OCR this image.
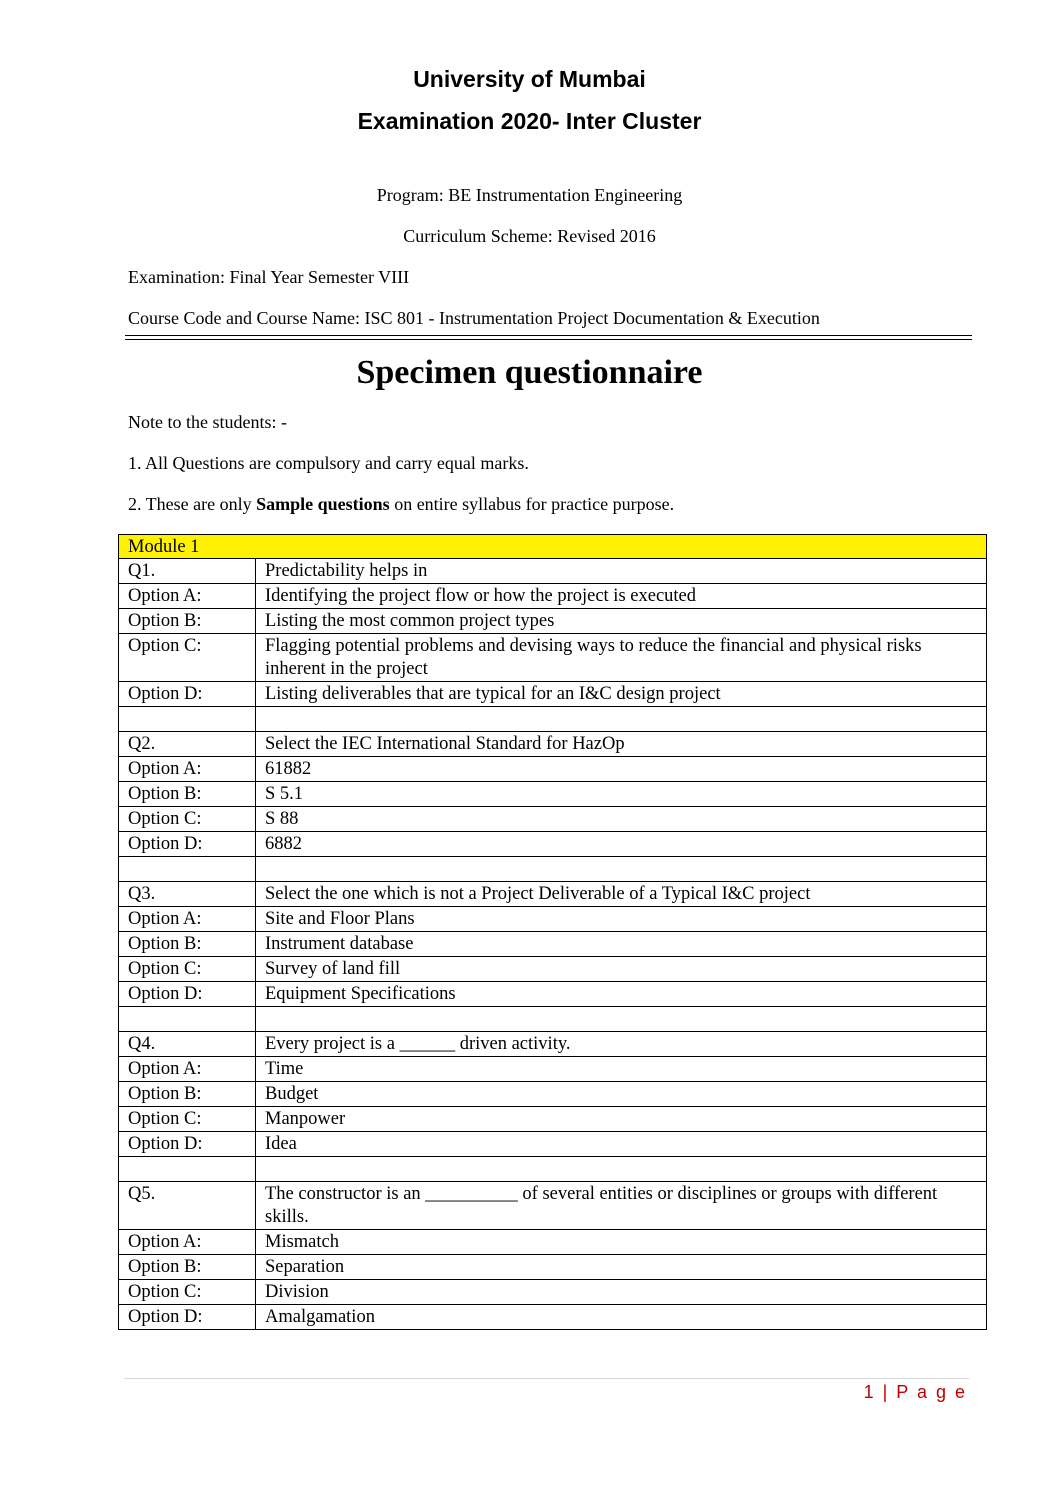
University of Mumbai
Examination 2020- Inter Cluster
Program: BE Instrumentation Engineering
Curriculum Scheme: Revised 2016
Examination: Final Year Semester VIII
Course Code and Course Name: ISC 801 - Instrumentation Project Documentation & Execution
Specimen questionnaire
Note to the students: -
1. All Questions are compulsory and carry equal marks.
2. These are only Sample questions on entire syllabus for practice purpose.
Module 1	
Q1.	Predictability helps in
Option A:	Identifying the project flow or how the project is executed
Option B:	Listing the most common project types
Option C:	Flagging potential problems and devising ways to reduce the financial and physical risks inherent in the project
Option D:	Listing deliverables that are typical for an I&C design project

Q2.	Select the IEC International Standard for HazOp
Option A:	61882
Option B:	S 5.1
Option C:	S 88
Option D:	6882

Q3.	Select the one which is not a Project Deliverable of a Typical I&C project
Option A:	Site and Floor Plans
Option B:	Instrument database
Option C:	Survey of land fill
Option D:	Equipment Specifications

Q4.	Every project is a ______ driven activity.
Option A:	Time
Option B:	Budget
Option C:	Manpower
Option D:	Idea

Q5.	The constructor is an __________ of several entities or disciplines or groups with different skills.
Option A:	Mismatch
Option B:	Separation
Option C:	Division
Option D:	Amalgamation
1 | P a g e
